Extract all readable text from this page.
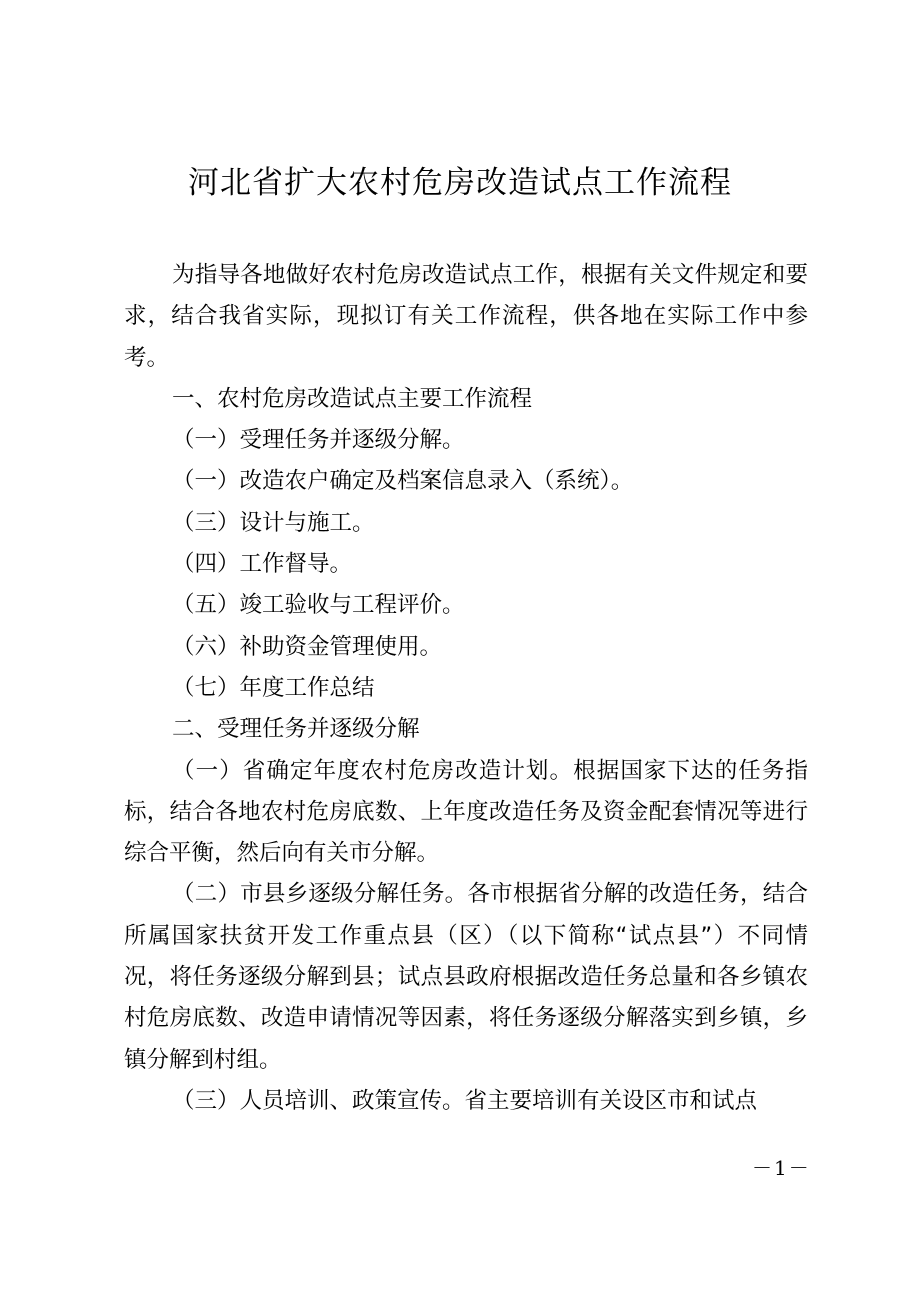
河北省扩大农村危房改造试点工作流程

为指导各地做好农村危房改造试点工作，根据有关文件规定和要求，结合我省实际，现拟订有关工作流程，供各地在实际工作中参考。

一、农村危房改造试点主要工作流程

（一）受理任务并逐级分解。

（一）改造农户确定及档案信息录入（系统）。

（三）设计与施工。

（四）工作督导。

（五）竣工验收与工程评价。

（六）补助资金管理使用。

（七）年度工作总结

二、受理任务并逐级分解

（一）省确定年度农村危房改造计划。根据国家下达的任务指标，结合各地农村危房底数、上年度改造任务及资金配套情况等进行综合平衡，然后向有关市分解。

（二）市县乡逐级分解任务。各市根据省分解的改造任务，结合所属国家扶贫开发工作重点县（区）（以下简称“试点县”）不同情况，将任务逐级分解到县；试点县政府根据改造任务总量和各乡镇农村危房底数、改造申请情况等因素，将任务逐级分解落实到乡镇，乡镇分解到村组。

（三）人员培训、政策宣传。省主要培训有关设区市和试点

－1－
